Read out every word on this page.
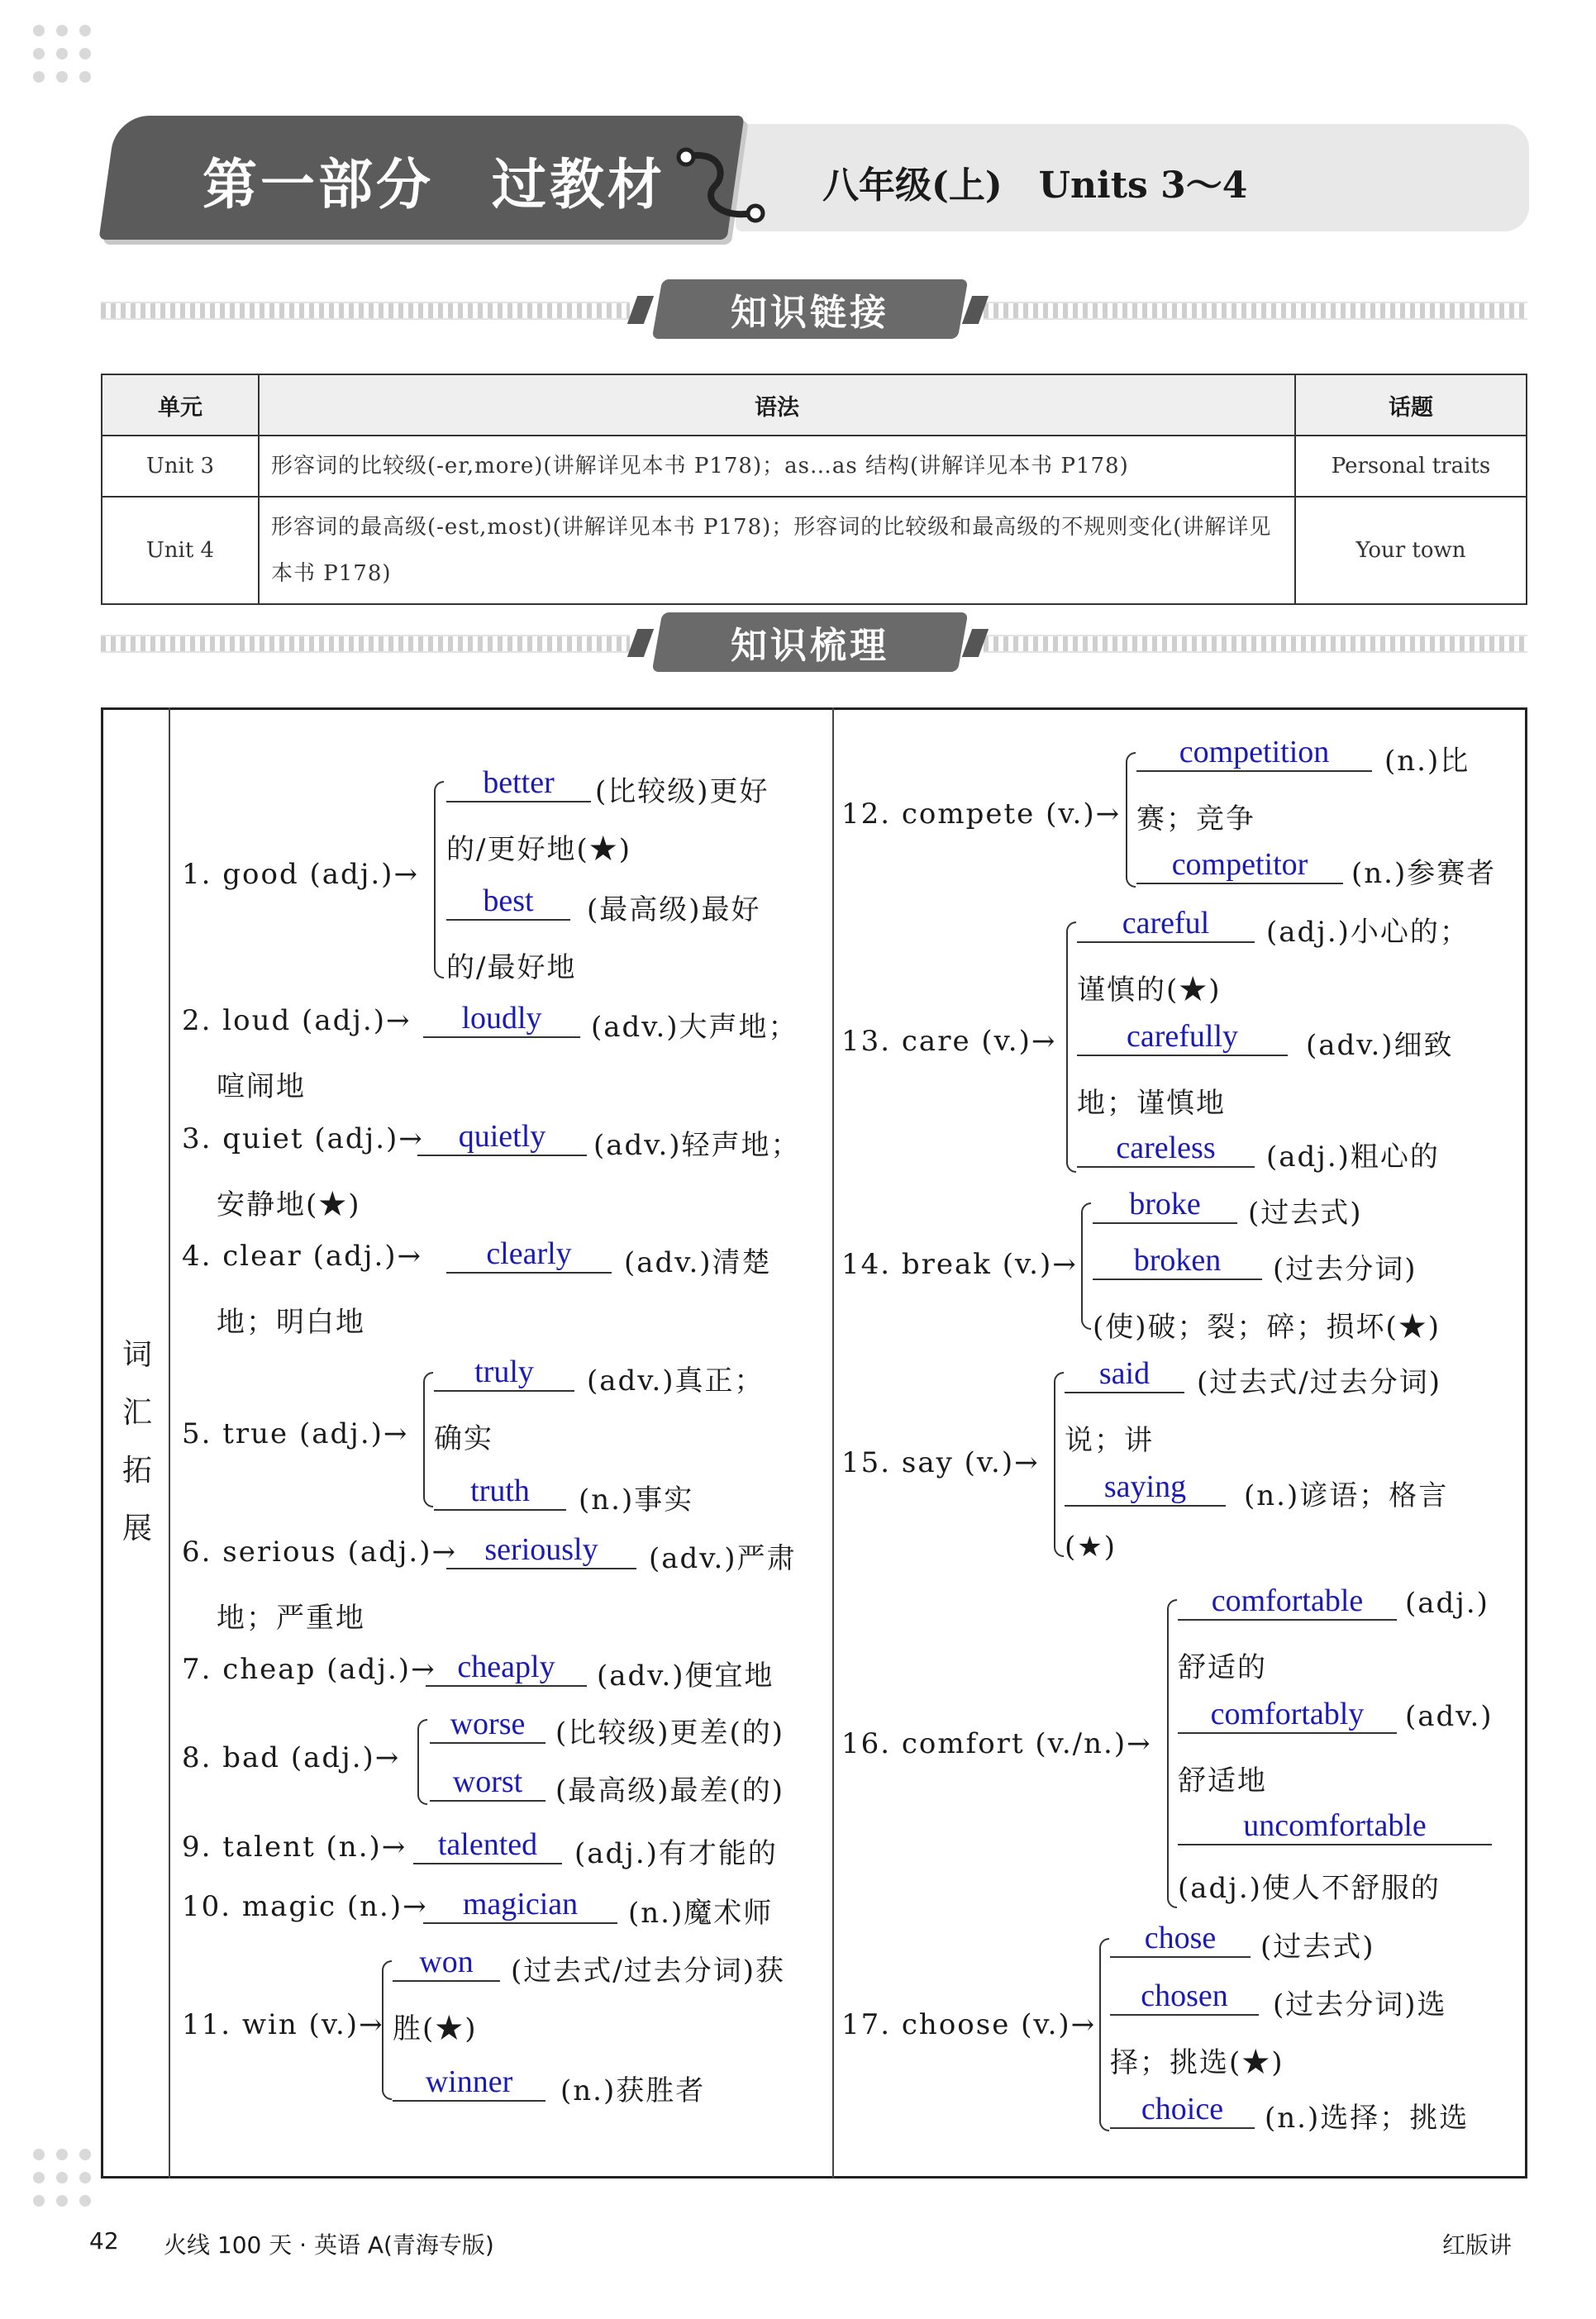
第一部分　过教材	八年级(上)　Units 3～4
知识链接
单元	语法	话题
Unit 3	形容词的比较级(-er,more)(讲解详见本书 P178)；as…as 结构(讲解详见本书 P178)	Personal traits
Unit 4	形容词的最高级(-est,most)(讲解详见本书 P178)；形容词的比较级和最高级的不规则变化(讲解详见本书 P178)	Your town
知识梳理
词汇拓展
1. good (adj.)→
better	(比较级)更好
的/更好地(★)
best	(最高级)最好
的/最好地
2. loud (adj.)→	loudly	(adv.)大声地；
喧闹地
3. quiet (adj.)→	quietly	(adv.)轻声地；
安静地(★)
4. clear (adj.)→	clearly	(adv.)清楚
地；明白地
5. true (adj.)→
truly	(adv.)真正；
确实
truth	(n.)事实
6. serious (adj.)→ seriously	(adv.)严肃
地；严重地
7. cheap (adj.)→ cheaply	(adv.)便宜地
8. bad (adj.)→
worse	(比较级)更差(的)
worst	(最高级)最差(的)
9. talent (n.)→ talented	(adj.)有才能的
10. magic (n.)→	magician	(n.)魔术师
11. win (v.)→
won	(过去式/过去分词)获
胜(★)
winner	(n.)获胜者
12. compete (v.)→
competition	(n.)比
赛；竞争
competitor	(n.)参赛者
13. care (v.)→
careful	(adj.)小心的；
谨慎的(★)
carefully	(adv.)细致
地；谨慎地
careless	(adj.)粗心的
14. break (v.)→
broke	(过去式)
broken	(过去分词)
(使)破；裂；碎；损坏(★)
15. say (v.)→
said	(过去式/过去分词)
说；讲
saying	(n.)谚语；格言
(★)
16. comfort (v./n.)→
comfortable	(adj.)
舒适的
comfortably	(adv.)
舒适地
uncomfortable
(adj.)使人不舒服的
17. choose (v.)→
chose	(过去式)
chosen	(过去分词)选
择；挑选(★)
choice	(n.)选择；挑选
42 火线 100 天 · 英语 A(青海专版)	红版讲
